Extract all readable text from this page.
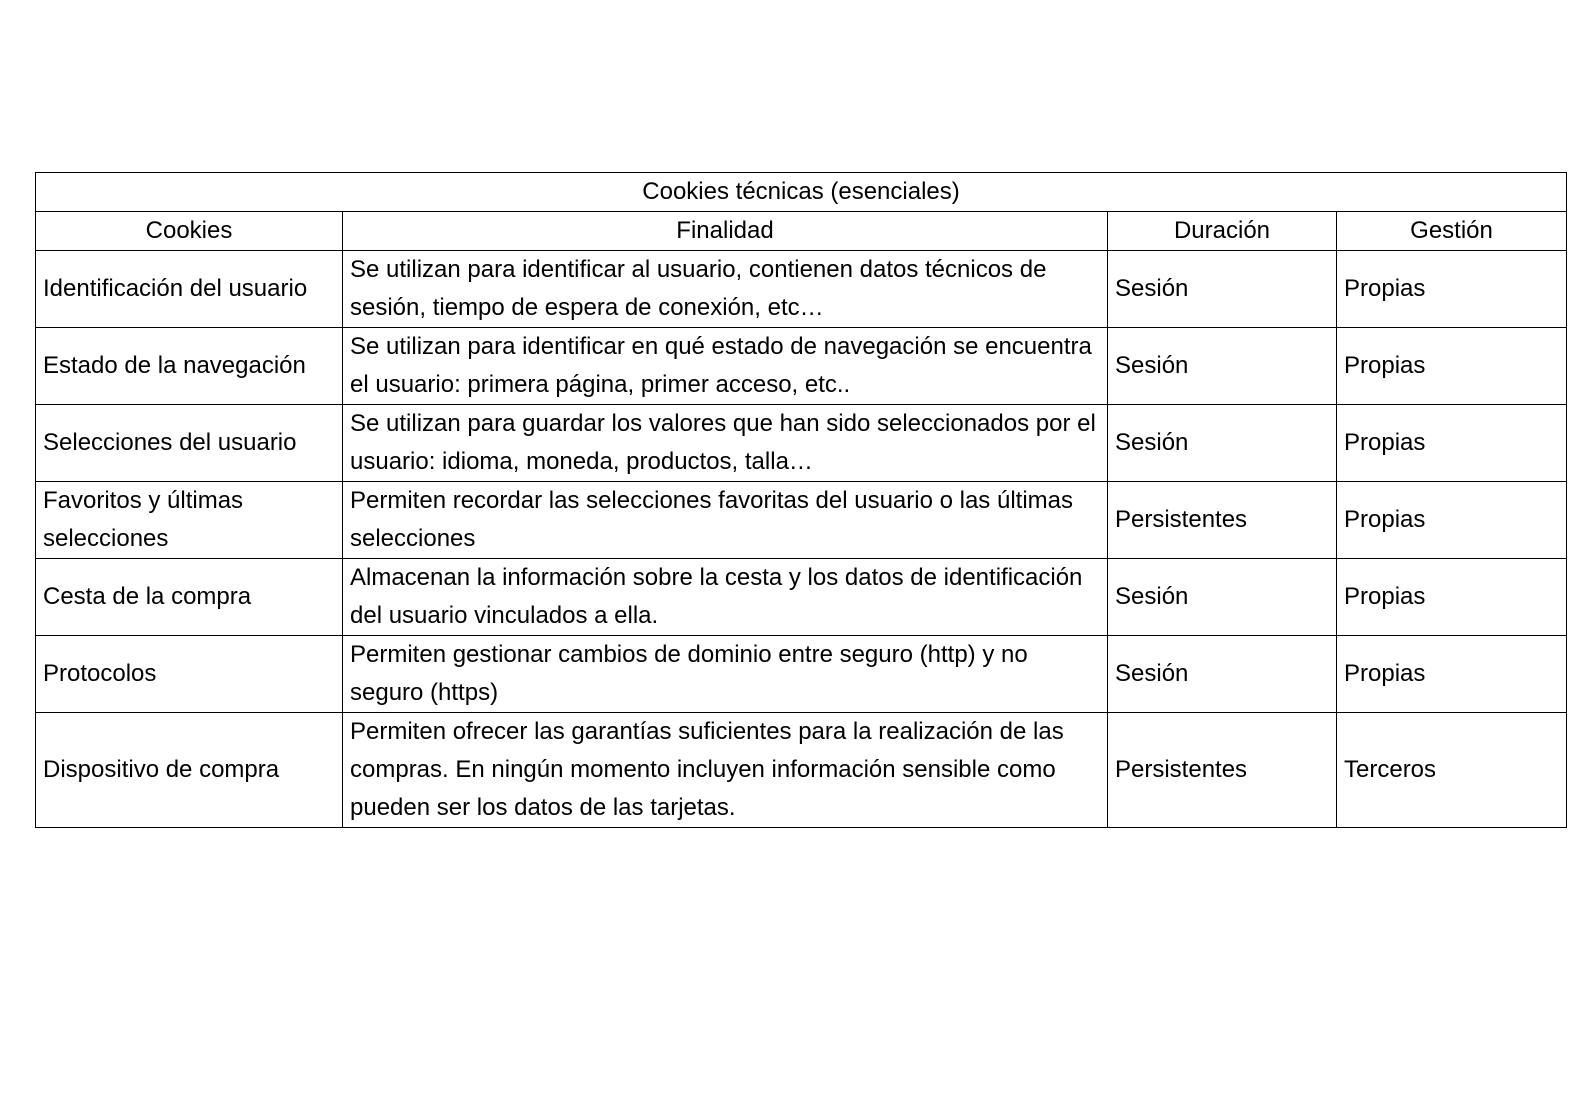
Cookies técnicas (esenciales)			
Cookies	Finalidad	Duración	Gestión
Identificación del usuario	Se utilizan para identificar al usuario, contienen datos técnicos de sesión, tiempo de espera de conexión, etc…	Sesión	Propias
Estado de la navegación	Se utilizan para identificar en qué estado de navegación se encuentra el usuario: primera página, primer acceso, etc..	Sesión	Propias
Selecciones del usuario	Se utilizan para guardar los valores que han sido seleccionados por el usuario: idioma, moneda, productos, talla…	Sesión	Propias
Favoritos y últimas selecciones	Permiten recordar las selecciones favoritas del usuario o las últimas selecciones	Persistentes	Propias
Cesta de la compra	Almacenan la información sobre la cesta y los datos de identificación del usuario vinculados a ella.	Sesión	Propias
Protocolos	Permiten gestionar cambios de dominio entre seguro (http) y no seguro (https)	Sesión	Propias
Dispositivo de compra	Permiten ofrecer las garantías suficientes para la realización de las compras. En ningún momento incluyen información sensible como pueden ser los datos de las tarjetas.	Persistentes	Terceros
